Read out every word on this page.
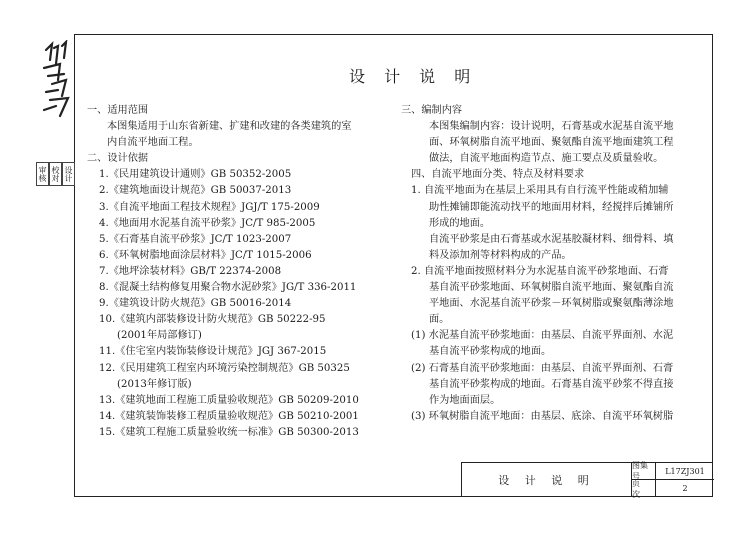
审核 校对 设计
设 计 说 明
一、适用范围
本图集适用于山东省新建、扩建和改建的各类建筑的室
内自流平地面工程。
二、设计依据
1.《民用建筑设计通则》GB 50352-2005
2.《建筑地面设计规范》GB 50037-2013
3.《自流平地面工程技术规程》JGJ/T 175-2009
4.《地面用水泥基自流平砂浆》JC/T 985-2005
5.《石膏基自流平砂浆》JC/T 1023-2007
6.《环氧树脂地面涂层材料》JC/T 1015-2006
7.《地坪涂装材料》GB/T 22374-2008
8.《混凝土结构修复用聚合物水泥砂浆》JG/T 336-2011
9.《建筑设计防火规范》GB 50016-2014
10.《建筑内部装修设计防火规范》GB 50222-95
(2001年局部修订)
11.《住宅室内装饰装修设计规范》JGJ 367-2015
12.《民用建筑工程室内环境污染控制规范》GB 50325
(2013年修订版)
13.《建筑地面工程施工质量验收规范》GB 50209-2010
14.《建筑装饰装修工程质量验收规范》GB 50210-2001
15.《建筑工程施工质量验收统一标准》GB 50300-2013
三、编制内容
本图集编制内容：设计说明，石膏基或水泥基自流平地
面、环氧树脂自流平地面、聚氨酯自流平地面建筑工程
做法，自流平地面构造节点、施工要点及质量验收。
四、自流平地面分类、特点及材料要求
1. 自流平地面为在基层上采用具有自行流平性能或稍加辅
助性摊铺即能流动找平的地面用材料，经搅拌后摊铺所
形成的地面。
自流平砂浆是由石膏基或水泥基胶凝材料、细骨料、填
料及添加剂等材料构成的产品。
2. 自流平地面按照材料分为水泥基自流平砂浆地面、石膏
基自流平砂浆地面、环氧树脂自流平地面、聚氨酯自流
平地面、水泥基自流平砂浆－环氧树脂或聚氨酯薄涂地
面。
(1) 水泥基自流平砂浆地面：由基层、自流平界面剂、水泥
基自流平砂浆构成的地面。
(2) 石膏基自流平砂浆地面：由基层、自流平界面剂、石膏
基自流平砂浆构成的地面。石膏基自流平砂浆不得直接
作为地面面层。
(3) 环氧树脂自流平地面：由基层、底涂、自流平环氧树脂
设 计 说 明
图集号
L17ZJ301
页 次
2
